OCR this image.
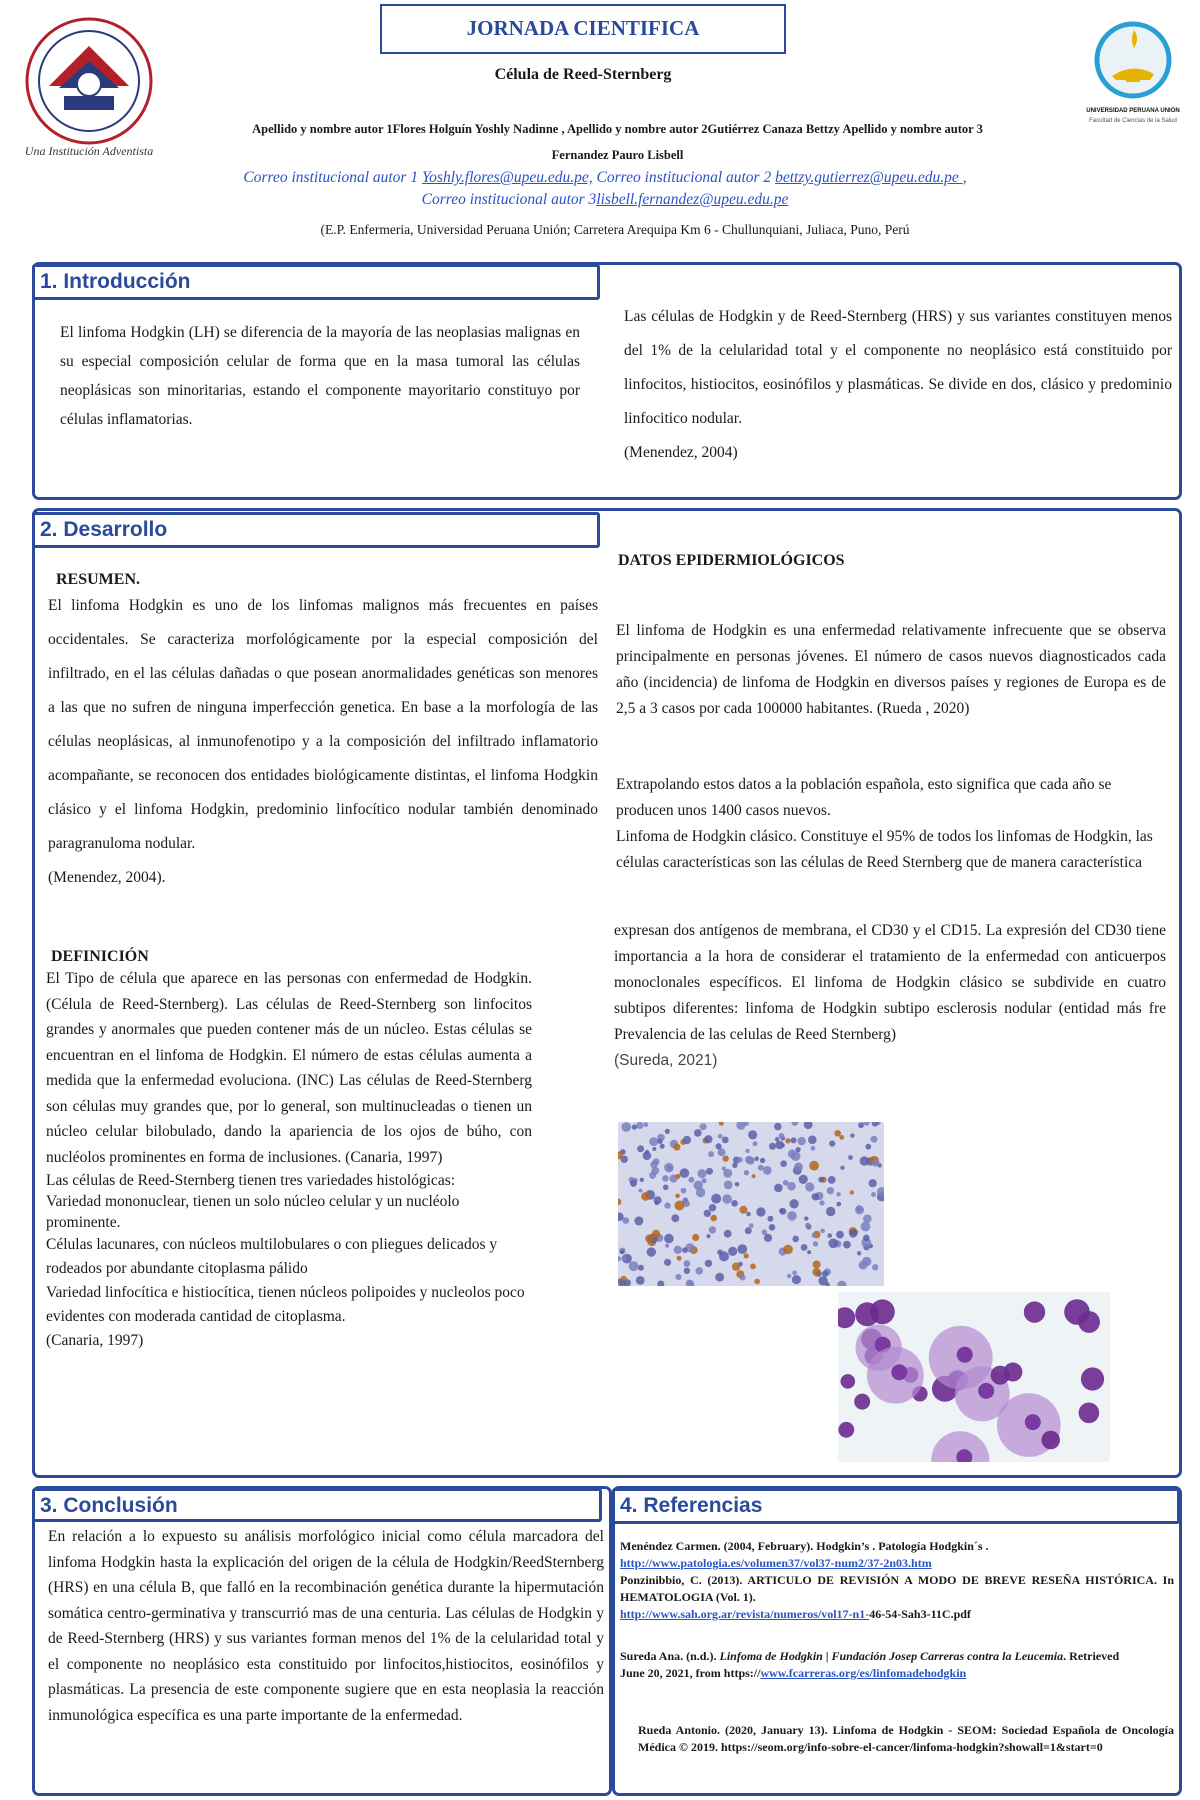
Una Institución Adventista
JORNADA CIENTIFICA
Célula de Reed-Sternberg
UNIVERSIDAD PERUANA UNIÓN
Facultad de Ciencias de la Salud
Apellido y nombre autor 1Flores Holguín Yoshly Nadinne , Apellido y nombre autor 2Gutiérrez Canaza Bettzy Apellido y nombre autor 3
Fernandez Pauro Lisbell
Correo institucional autor 1 Yoshly.flores@upeu.edu.pe, Correo institucional autor 2 bettzy.gutierrez@upeu.edu.pe ,
Correo institucional autor 3lisbell.fernandez@upeu.edu.pe
(E.P. Enfermeria, Universidad Peruana Unión; Carretera Arequipa Km 6 - Chullunquiani, Juliaca, Puno, Perú
1. Introducción
El linfoma Hodgkin (LH) se diferencia de la mayoría de las neoplasias malignas en su especial composición celular de forma que en la masa tumoral las células neoplásicas son minoritarias, estando el componente mayoritario constituyo por células inflamatorias.
Las células de Hodgkin y de Reed-Sternberg (HRS) y sus variantes constituyen menos del 1% de la celularidad total y el componente no neoplásico está constituido por linfocitos, histiocitos, eosinófilos y plasmáticas. Se divide en dos, clásico y predominio linfocitico nodular.
(Menendez, 2004)
2. Desarrollo
RESUMEN.
El linfoma Hodgkin es uno de los linfomas malignos más frecuentes en países occidentales. Se caracteriza morfológicamente por la especial composición del infiltrado, en el las células dañadas o que posean anormalidades genéticas son menores a las que no sufren de ninguna imperfección genetica. En base a la morfología de las células neoplásicas, al inmunofenotipo y a la composición del infiltrado inflamatorio acompañante, se reconocen dos entidades biológicamente distintas, el linfoma Hodgkin clásico y el linfoma Hodgkin, predominio linfocítico nodular también denominado paragranuloma nodular.
(Menendez, 2004).
DEFINICIÓN
El Tipo de célula que aparece en las personas con enfermedad de Hodgkin. (Célula de Reed-Sternberg). Las células de Reed-Sternberg son linfocitos grandes y anormales que pueden contener más de un núcleo. Estas células se encuentran en el linfoma de Hodgkin. El número de estas células aumenta a medida que la enfermedad evoluciona. (INC) Las células de Reed-Sternberg son células muy grandes que, por lo general, son multinucleadas o tienen un núcleo celular bilobulado, dando la apariencia de los ojos de búho, con nucléolos prominentes en forma de inclusiones. (Canaria, 1997)
Las células de Reed-Sternberg tienen tres variedades histológicas:
Variedad mononuclear, tienen un solo núcleo celular y un nucléolo prominente.
Células lacunares, con núcleos multilobulares o con pliegues delicados y rodeados por abundante citoplasma pálido
Variedad linfocítica e histiocítica, tienen núcleos polipoides y nucleolos poco evidentes con moderada cantidad de citoplasma.
(Canaria, 1997)
DATOS EPIDERMIOLÓGICOS
El linfoma de Hodgkin es una enfermedad relativamente infrecuente que se observa principalmente en personas jóvenes. El número de casos nuevos diagnosticados cada año (incidencia) de linfoma de Hodgkin en diversos países y regiones de Europa es de 2,5 a 3 casos por cada 100000 habitantes. (Rueda , 2020)
Extrapolando estos datos a la población española, esto significa que cada año se producen unos 1400 casos nuevos.
Linfoma de Hodgkin clásico. Constituye el 95% de todos los linfomas de Hodgkin, las células características son las células de Reed Sternberg que de manera característica
expresan dos antígenos de membrana, el CD30 y el CD15. La expresión del CD30 tiene importancia a la hora de considerar el tratamiento de la enfermedad con anticuerpos monoclonales específicos. El linfoma de Hodgkin clásico se subdivide en cuatro subtipos diferentes: linfoma de Hodgkin subtipo esclerosis nodular (entidad más fre Prevalencia de las celulas de Reed Sternberg)
(Sureda, 2021)
En relación a lo expuesto su análisis morfológico inicial como célula marcadora del linfoma Hodgkin hasta la explicación del origen de la célula de Hodgkin/ReedSternberg (HRS) en una célula B, que falló en la recombinación genética durante la hipermutación somática centro-germinativa y transcurrió mas de una centuria. Las células de Hodgkin y de Reed-Sternberg (HRS) y sus variantes forman menos del 1% de la celularidad total y el componente no neoplásico esta constituido por linfocitos,histiocitos, eosinófilos y plasmáticas. La presencia de este componente sugiere que en esta neoplasia la reacción inmunológica específica es una parte importante de la enfermedad.
3. Conclusión	4. Referencias
Menéndez Carmen. (2004, February). Hodgkin’s . Patología Hodgkin´s .
http://www.patologia.es/volumen37/vol37-num2/37-2n03.htm
Ponzinibbio, C. (2013). ARTICULO DE REVISIÓN A MODO DE BREVE RESEÑA HISTÓRICA. In HEMATOLOGIA (Vol. 1).
http://www.sah.org.ar/revista/numeros/vol17-n1-46-54-Sah3-11C.pdf
Sureda Ana. (n.d.). Linfoma de Hodgkin | Fundación Josep Carreras contra la Leucemia. Retrieved June 20, 2021, from https://www.fcarreras.org/es/linfomadehodgkin
Rueda Antonio. (2020, January 13). Linfoma de Hodgkin - SEOM: Sociedad Española de Oncología Médica © 2019. https://seom.org/info-sobre-el-cancer/linfoma-hodgkin?showall=1&start=0
